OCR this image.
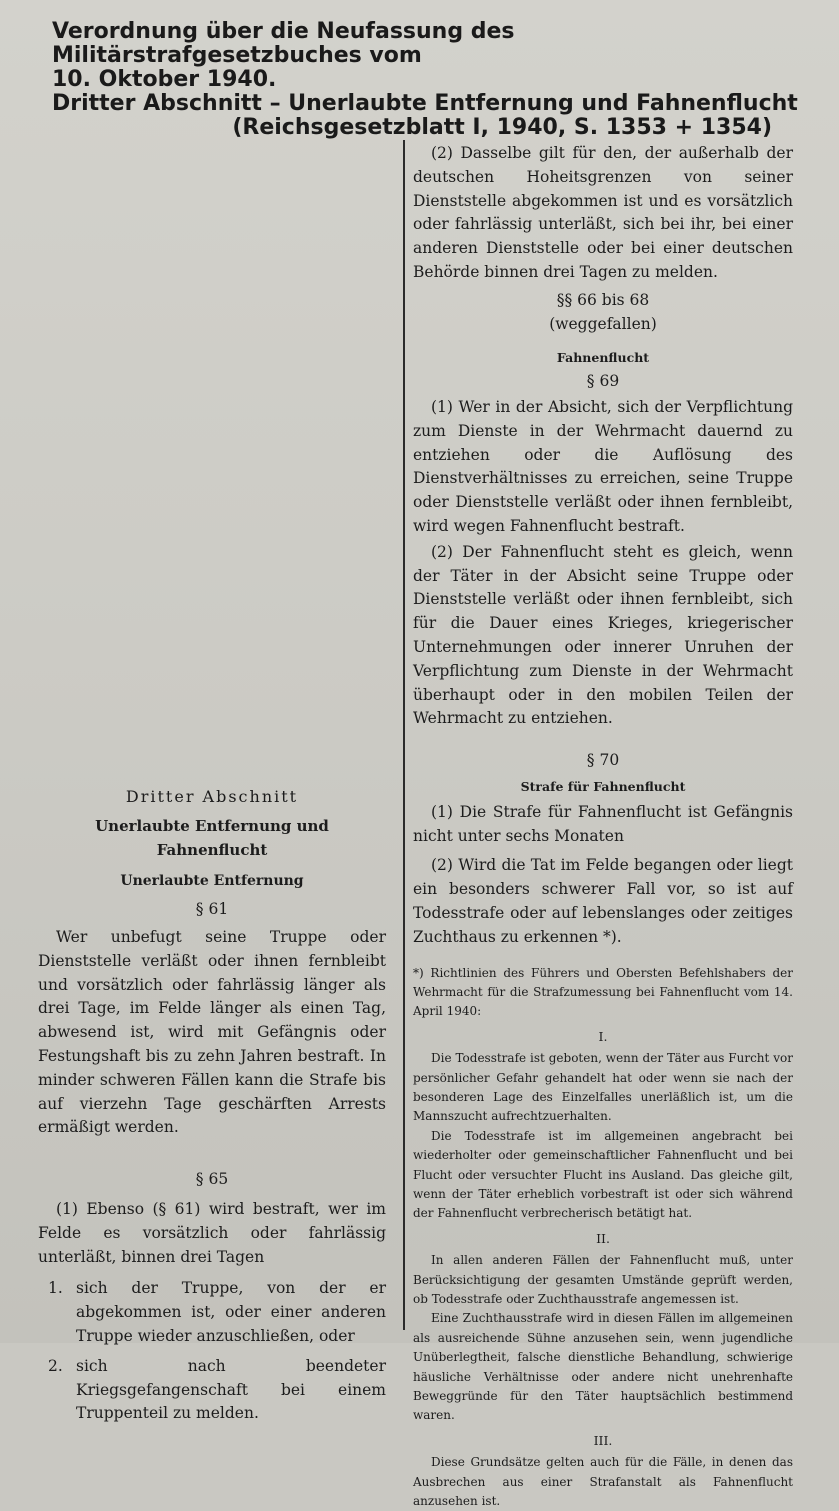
Verordnung über die Neufassung des Militärstrafgesetzbuches vom
10. Oktober 1940.
Dritter Abschnitt – Unerlaubte Entfernung und Fahnenflucht
(Reichsgesetzblatt I, 1940, S. 1353 + 1354)
Dritter Abschnitt
Unerlaubte Entfernung und Fahnenflucht
Unerlaubte Entfernung
§ 61

Wer unbefugt seine Truppe oder Dienststelle verläßt oder ihnen fernbleibt und vorsätzlich oder fahrlässig länger als drei Tage, im Felde länger als einen Tag, abwesend ist, wird mit Gefängnis oder Festungshaft bis zu zehn Jahren bestraft. In minder schweren Fällen kann die Strafe bis auf vierzehn Tage geschärften Arrests ermäßigt werden.

§ 65

(1) Ebenso (§ 61) wird bestraft, wer im Felde es vorsätzlich oder fahrlässig unterläßt, binnen drei Tagen

1. sich der Truppe, von der er abgekommen ist, oder einer anderen Truppe wieder anzuschließen, oder
2. sich nach beendeter Kriegsgefangenschaft bei einem Truppenteil zu melden.

(2) Dasselbe gilt für den, der außerhalb der deutschen Hoheitsgrenzen von seiner Dienststelle abgekommen ist und es vorsätzlich oder fahrlässig unterläßt, sich bei ihr, bei einer anderen Dienststelle oder bei einer deutschen Behörde binnen drei Tagen zu melden.

§§ 66 bis 68
(weggefallen)
Fahnenflucht
§ 69

(1) Wer in der Absicht, sich der Verpflichtung zum Dienste in der Wehrmacht dauernd zu entziehen oder die Auflösung des Dienstverhältnisses zu erreichen, seine Truppe oder Dienststelle verläßt oder ihnen fernbleibt, wird wegen Fahnenflucht bestraft.

(2) Der Fahnenflucht steht es gleich, wenn der Täter in der Absicht seine Truppe oder Dienststelle verläßt oder ihnen fernbleibt, sich für die Dauer eines Krieges, kriegerischer Unternehmungen oder innerer Unruhen der Verpflichtung zum Dienste in der Wehrmacht überhaupt oder in den mobilen Teilen der Wehrmacht zu entziehen.

§ 70
Strafe für Fahnenflucht

(1) Die Strafe für Fahnenflucht ist Gefängnis nicht unter sechs Monaten

(2) Wird die Tat im Felde begangen oder liegt ein besonders schwerer Fall vor, so ist auf Todesstrafe oder auf lebenslanges oder zeitiges Zuchthaus zu erkennen *).

*) Richtlinien des Führers und Obersten Befehlshabers der Wehrmacht für die Strafzumessung bei Fahnenflucht vom 14. April 1940:

I.

Die Todesstrafe ist geboten, wenn der Täter aus Furcht vor persönlicher Gefahr gehandelt hat oder wenn sie nach der besonderen Lage des Einzelfalles unerläßlich ist, um die Mannszucht aufrechtzuerhalten.

Die Todesstrafe ist im allgemeinen angebracht bei wiederholter oder gemeinschaftlicher Fahnenflucht und bei Flucht oder versuchter Flucht ins Ausland. Das gleiche gilt, wenn der Täter erheblich vorbestraft ist oder sich während der Fahnenflucht verbrecherisch betätigt hat.

II.

In allen anderen Fällen der Fahnenflucht muß, unter Berücksichtigung der gesamten Umstände geprüft werden, ob Todesstrafe oder Zuchthausstrafe angemessen ist.

Eine Zuchthausstrafe wird in diesen Fällen im allgemeinen als ausreichende Sühne anzusehen sein, wenn jugendliche Unüberlegtheit, falsche dienstliche Behandlung, schwierige häusliche Verhältnisse oder andere nicht unehrenhafte Beweggründe für den Täter hauptsächlich bestimmend waren.

III.

Diese Grundsätze gelten auch für die Fälle, in denen das Ausbrechen aus einer Strafanstalt als Fahnenflucht anzusehen ist.
